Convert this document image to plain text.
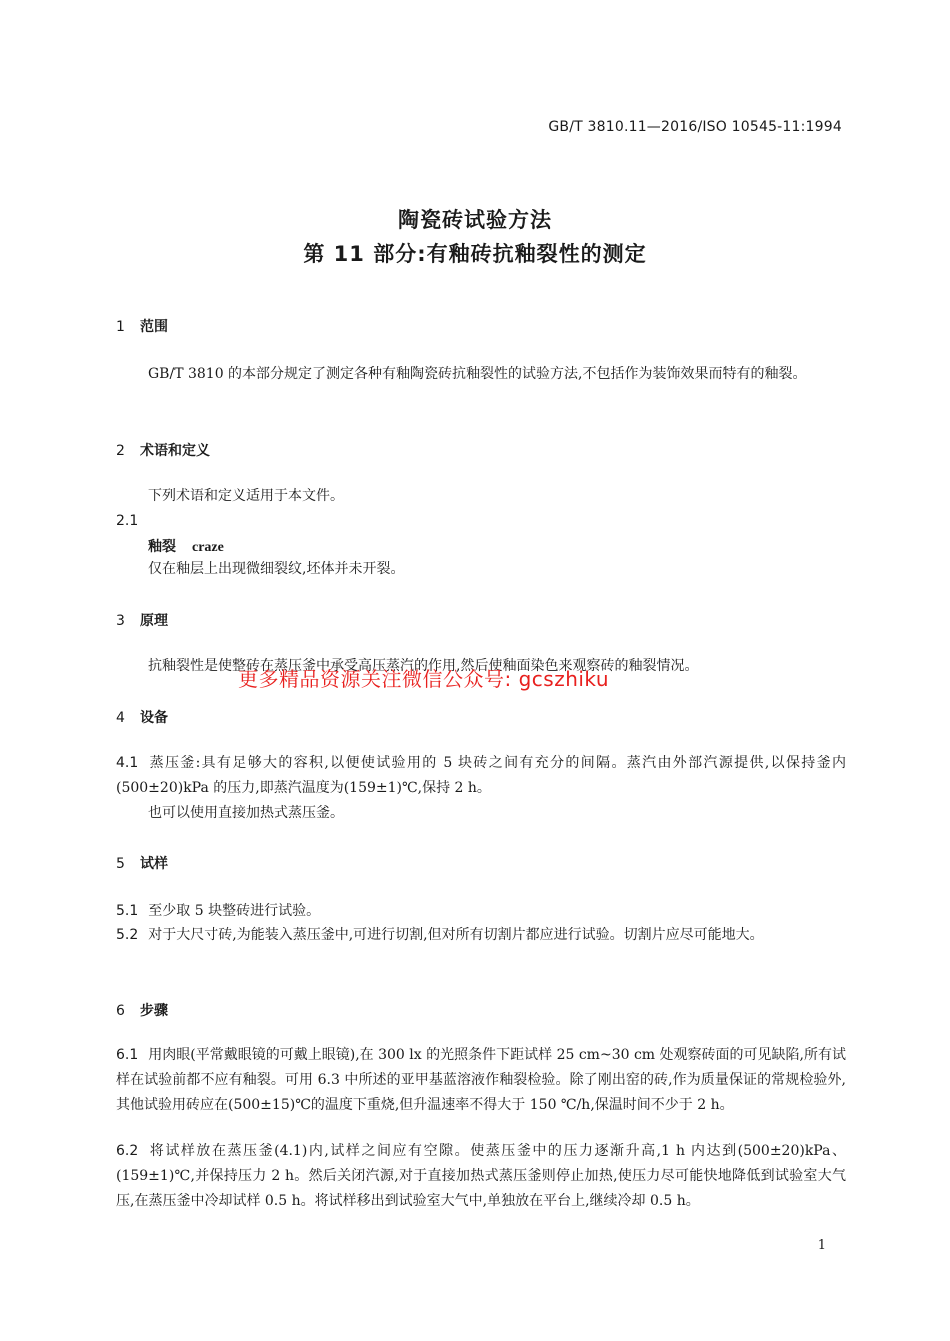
GB/T 3810.11—2016/ISO 10545-11:1994
陶瓷砖试验方法
第 11 部分:有釉砖抗釉裂性的测定
1 范围

GB/T 3810 的本部分规定了测定各种有釉陶瓷砖抗釉裂性的试验方法,不包括作为装饰效果而特有的釉裂。

2 术语和定义

下列术语和定义适用于本文件。

2.1
釉裂 craze

仅在釉层上出现微细裂纹,坯体并未开裂。

3 原理

抗釉裂性是使整砖在蒸压釜中承受高压蒸汽的作用,然后使釉面染色来观察砖的釉裂情况。

更多精品资源关注微信公众号: gcszhiku
4 设备

4.1 蒸压釜:具有足够大的容积,以便使试验用的 5 块砖之间有充分的间隔。蒸汽由外部汽源提供,以保持釜内(500±20)kPa 的压力,即蒸汽温度为(159±1)℃,保持 2 h。

也可以使用直接加热式蒸压釜。

5 试样

5.1 至少取 5 块整砖进行试验。

5.2 对于大尺寸砖,为能装入蒸压釜中,可进行切割,但对所有切割片都应进行试验。切割片应尽可能地大。

6 步骤

6.1 用肉眼(平常戴眼镜的可戴上眼镜),在 300 lx 的光照条件下距试样 25 cm~30 cm 处观察砖面的可见缺陷,所有试样在试验前都不应有釉裂。可用 6.3 中所述的亚甲基蓝溶液作釉裂检验。除了刚出窑的砖,作为质量保证的常规检验外,其他试验用砖应在(500±15)℃的温度下重烧,但升温速率不得大于 150 ℃/h,保温时间不少于 2 h。

6.2 将试样放在蒸压釜(4.1)内,试样之间应有空隙。使蒸压釜中的压力逐渐升高,1 h 内达到(500±20)kPa、(159±1)℃,并保持压力 2 h。然后关闭汽源,对于直接加热式蒸压釜则停止加热,使压力尽可能快地降低到试验室大气压,在蒸压釜中冷却试样 0.5 h。将试样移出到试验室大气中,单独放在平台上,继续冷却 0.5 h。

1
